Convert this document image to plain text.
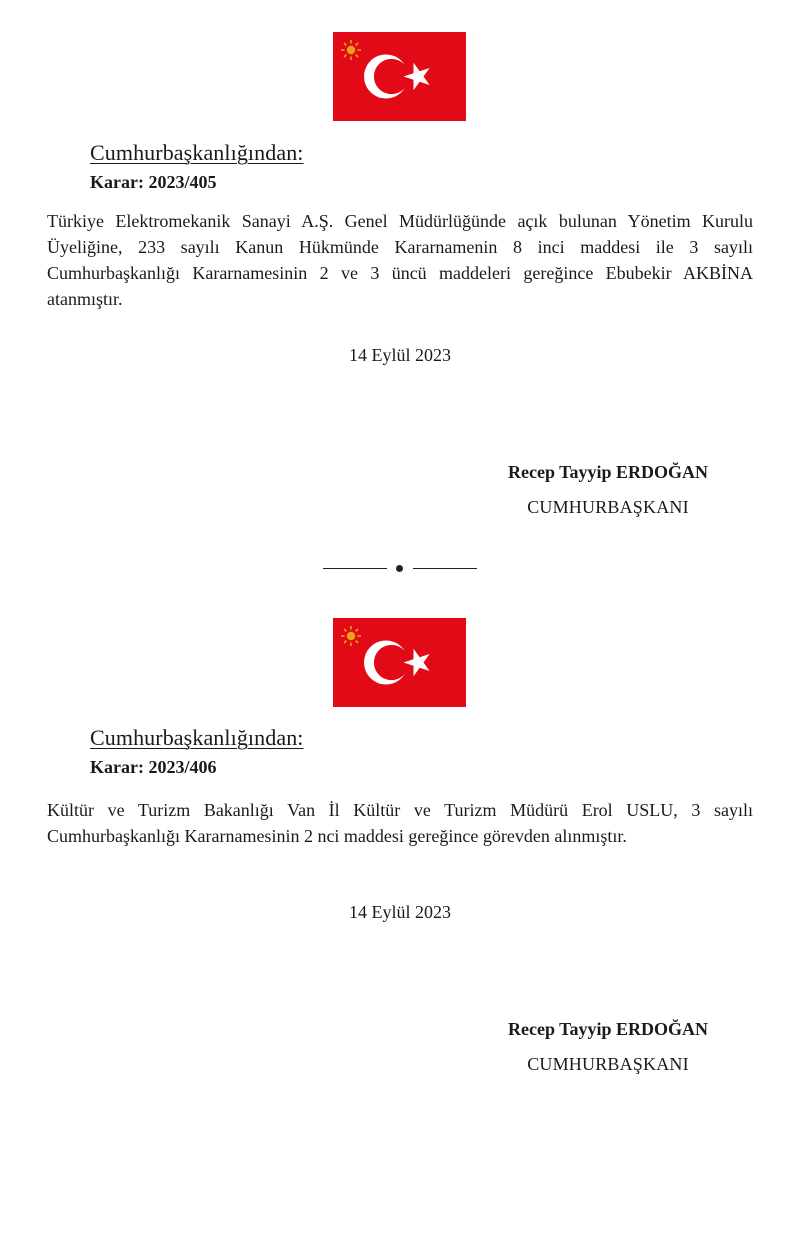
Cumhurbaşkanlığından:
Karar: 2023/405
Türkiye Elektromekanik Sanayi A.Ş. Genel Müdürlüğünde açık bulunan Yönetim Kurulu
Üyeliğine, 233 sayılı Kanun Hükmünde Kararnamenin 8 inci maddesi ile 3 sayılı
Cumhurbaşkanlığı Kararnamesinin 2 ve 3 üncü maddeleri gereğince Ebubekir AKBİNA
atanmıştır.
14 Eylül 2023
Recep Tayyip ERDOĞAN
CUMHURBAŞKANI
Cumhurbaşkanlığından:
Karar: 2023/406
Kültür ve Turizm Bakanlığı Van İl Kültür ve Turizm Müdürü Erol USLU, 3 sayılı
Cumhurbaşkanlığı Kararnamesinin 2 nci maddesi gereğince görevden alınmıştır.
14 Eylül 2023
Recep Tayyip ERDOĞAN
CUMHURBAŞKANI
